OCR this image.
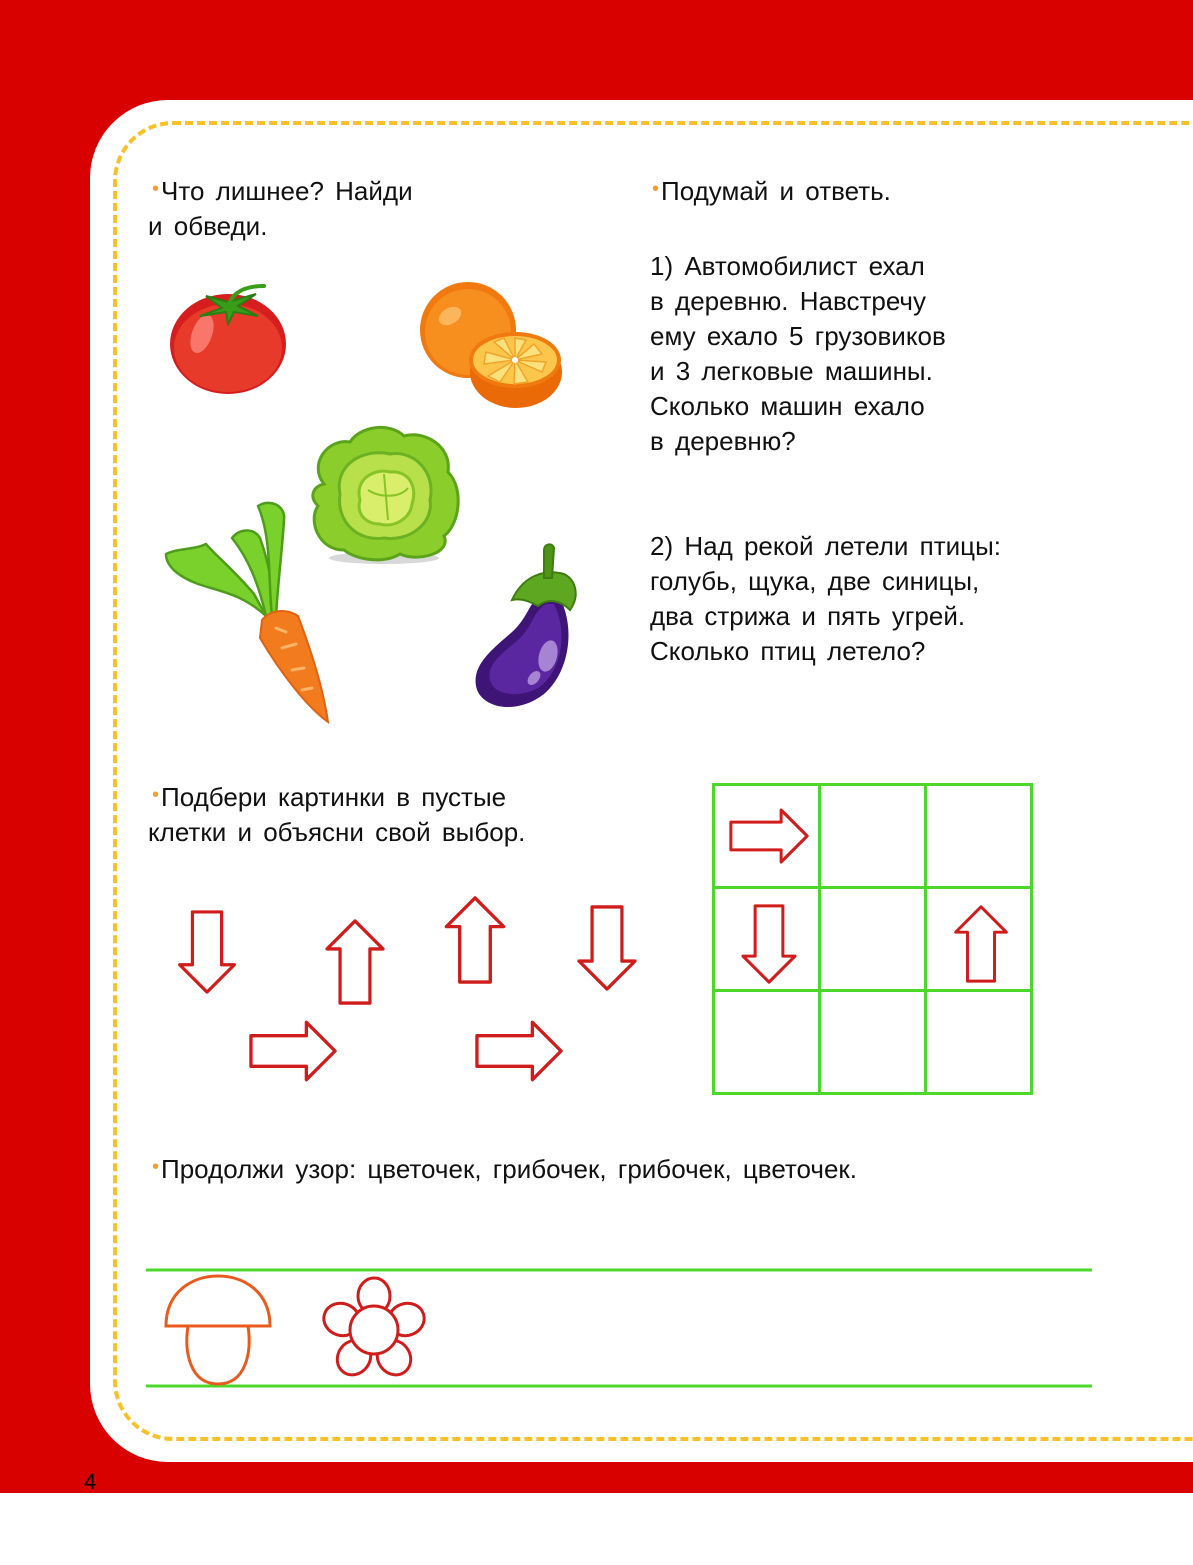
4
•Что лишнее? Найди
и обведи.
•Подумай и ответь.
1) Автомобилист ехал
в деревню. Навстречу
ему ехало 5 грузовиков
и 3 легковые машины.
Сколько машин ехало
в деревню?
2) Над рекой летели птицы:
голубь, щука, две синицы,
два стрижа и пять угрей.
Сколько птиц летело?
•Подбери картинки в пустые
клетки и объясни свой выбор.
•Продолжи узор: цветочек, грибочек, грибочек, цветочек.
